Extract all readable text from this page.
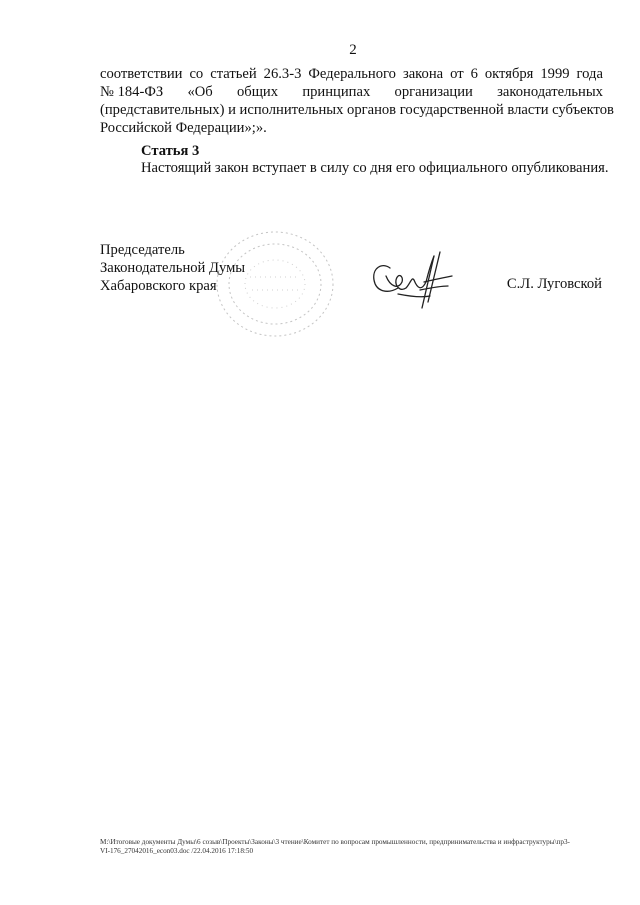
2
соответствии со статьей 26.3-3 Федерального закона от 6 октября 1999 года
№ 184-ФЗ «Об общих принципах организации законодательных
(представительных) и исполнительных органов государственной власти субъектов
Российской Федерации»;».
Статья 3
Настоящий закон вступает в силу со дня его официального опубликования.
Председатель
Законодательной Думы
Хабаровского края	С.Л. Луговской
M:\Итоговые документы Думы\6 созыв\Проекты\Законы\3 чтение\Комитет по вопросам промышленности, предпринимательства и инфраструктуры\пр3-
VI-176_27042016_econ03.doc /22.04.2016 17:18:50
